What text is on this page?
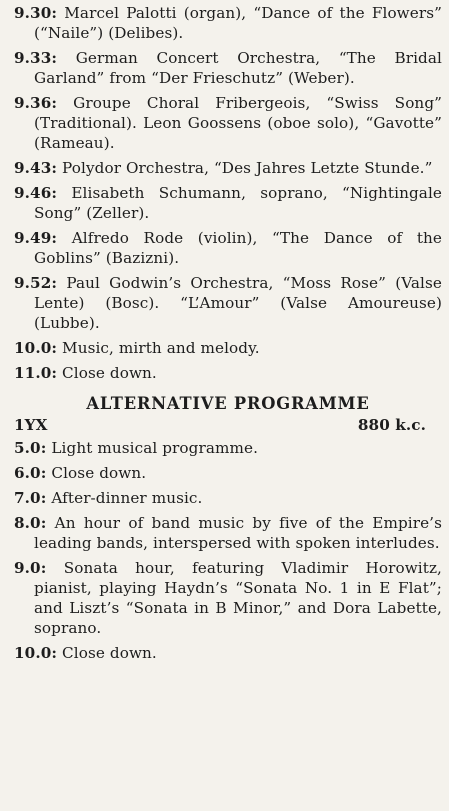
9.30: Marcel Palotti (organ), “Dance of the Flowers” (“Naile”) (Delibes).

9.33: German Concert Orchestra, “The Bridal Garland” from “Der Frieschutz” (Weber).

9.36: Groupe Choral Fribergeois, “Swiss Song” (Traditional). Leon Goossens (oboe solo), “Gavotte” (Rameau).

9.43: Polydor Orchestra, “Des Jahres Letzte Stunde.”

9.46: Elisabeth Schumann, soprano, “Nightingale Song” (Zeller).

9.49: Alfredo Rode (violin), “The Dance of the Goblins” (Bazizni).

9.52: Paul Godwin’s Orchestra, “Moss Rose” (Valse Lente) (Bosc). “L’Amour” (Valse Amoureuse) (Lubbe).

10.0: Music, mirth and melody.

11.0: Close down.

ALTERNATIVE PROGRAMME
1YX	880 k.c.

5.0: Light musical programme.

6.0: Close down.

7.0: After-dinner music.

8.0: An hour of band music by five of the Empire’s leading bands, interspersed with spoken interludes.

9.0: Sonata hour, featuring Vladimir Horowitz, pianist, playing Haydn’s “Sonata No. 1 in E Flat”; and Liszt’s “Sonata in B Minor,” and Dora Labette, soprano.

10.0: Close down.
